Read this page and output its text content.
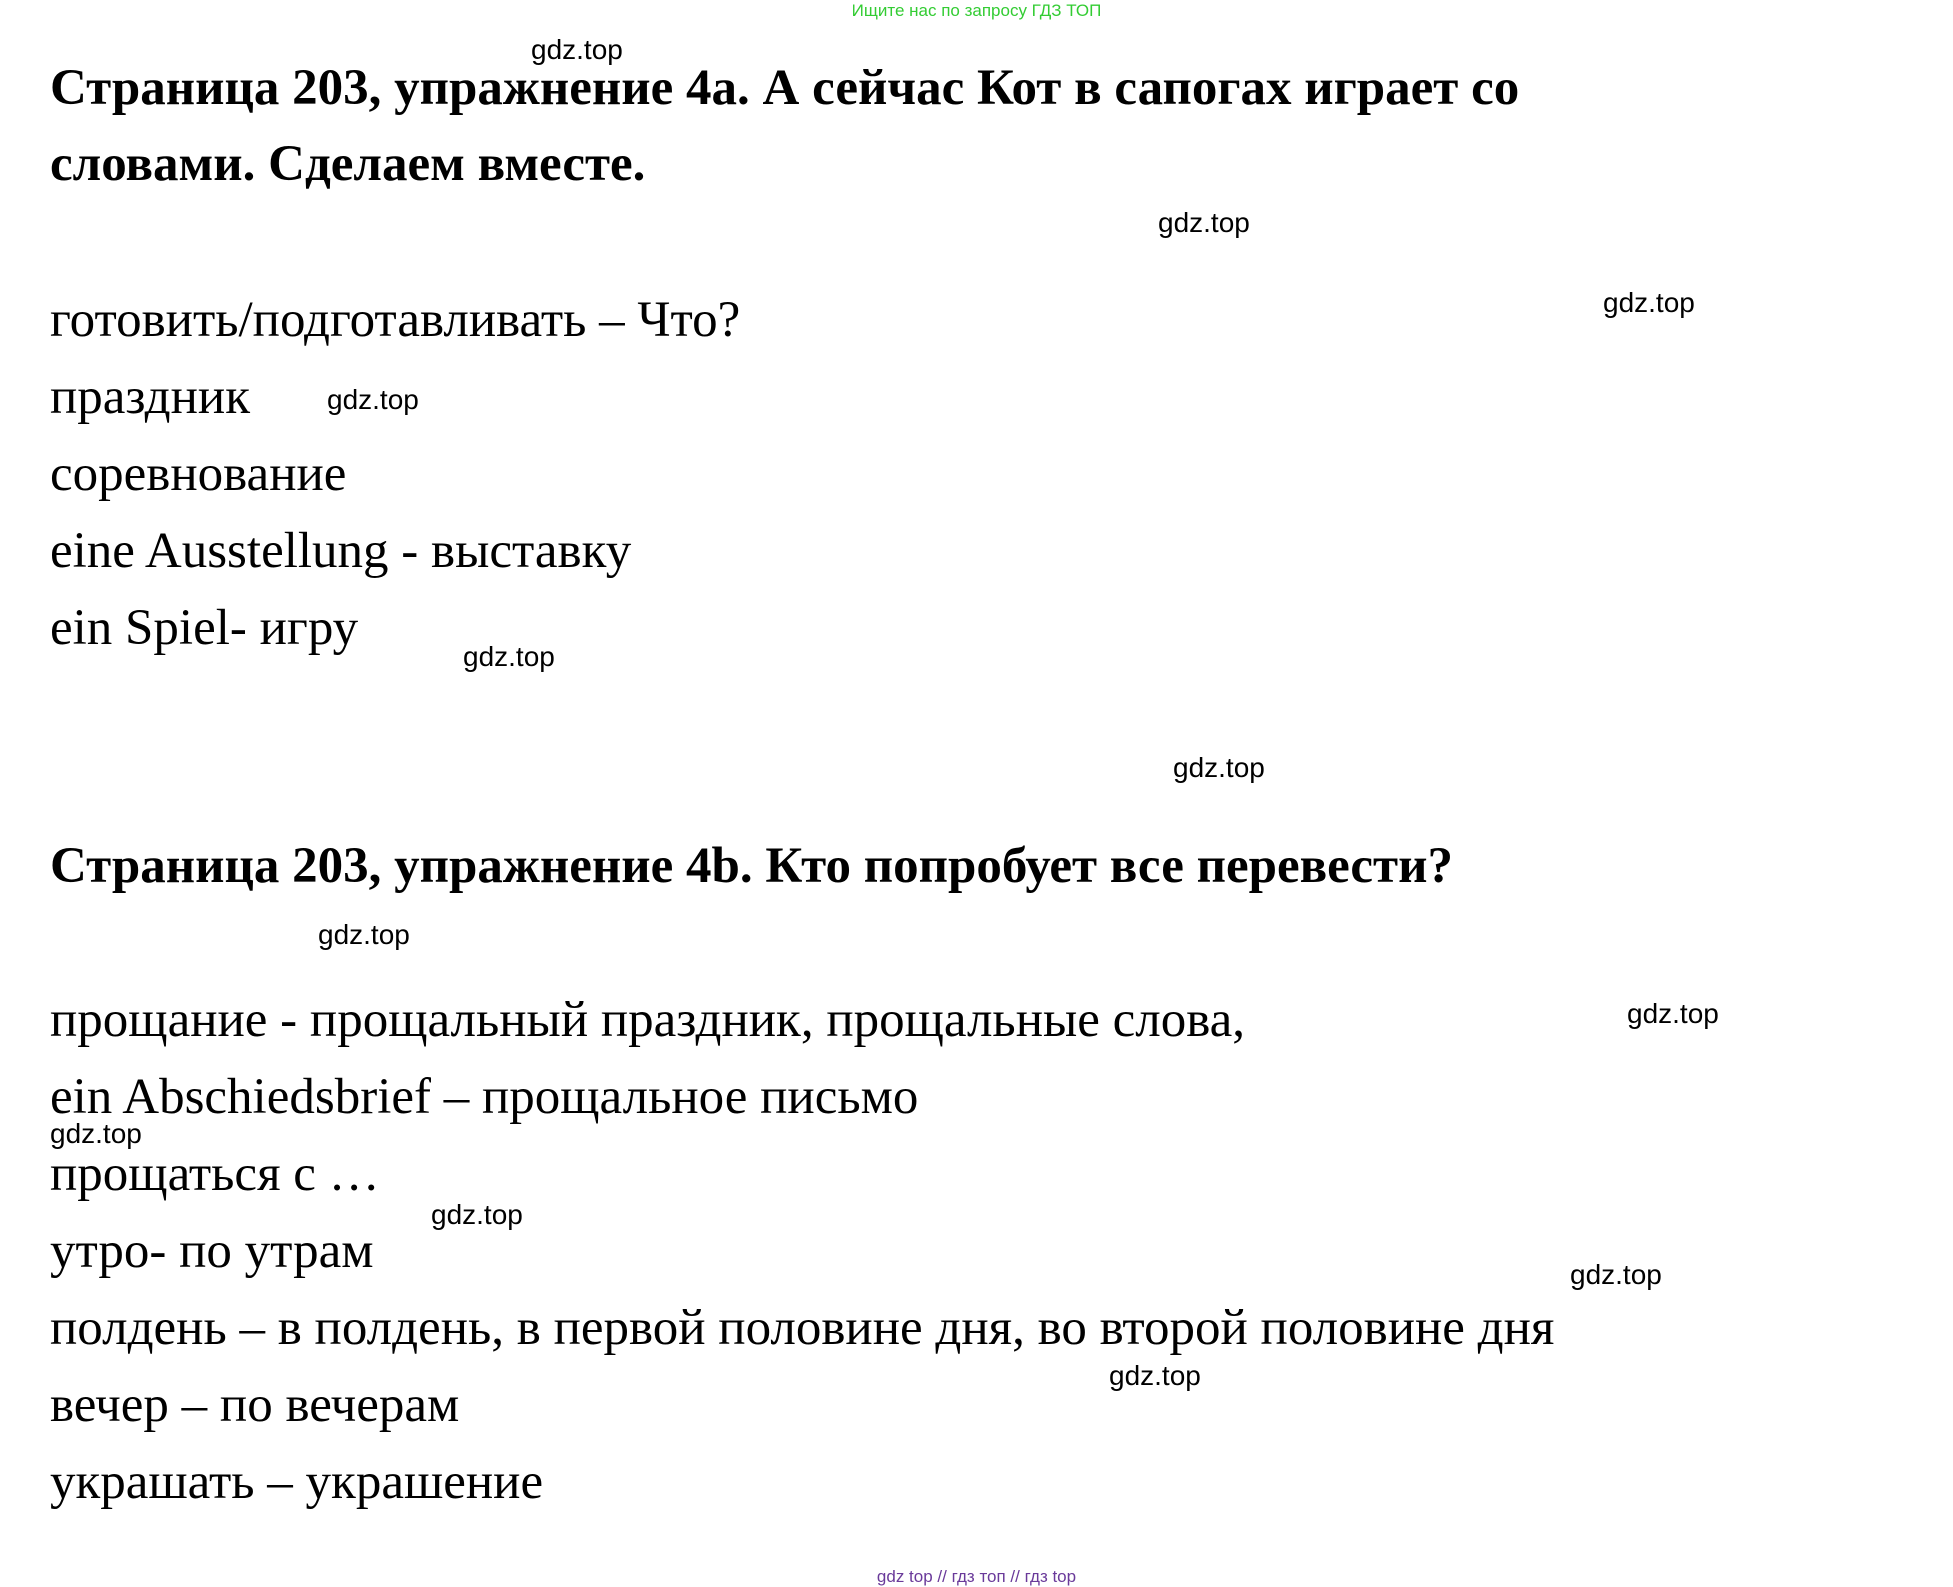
Ищите нас по запросу ГДЗ ТОП
Страница 203, упражнение 4a. А сейчас Кот в сапогах играет со
словами. Сделаем вместе.
готовить/подготавливать – Что?
праздник
соревнование
eine Ausstellung - выставку
ein Spiel- игру
Страница 203, упражнение 4b. Кто попробует все перевести?
прощание - прощальный праздник, прощальные слова,
ein Abschiedsbrief – прощальное письмо
прощаться с …
утро- по утрам
полдень – в полдень, в первой половине дня, во второй половине дня
вечер – по вечерам
украшать – украшение
gdz.top
gdz.top
gdz.top
gdz.top
gdz.top
gdz.top
gdz.top
gdz.top
gdz.top
gdz.top
gdz.top
gdz.top
gdz top // гдз топ // гдз top
